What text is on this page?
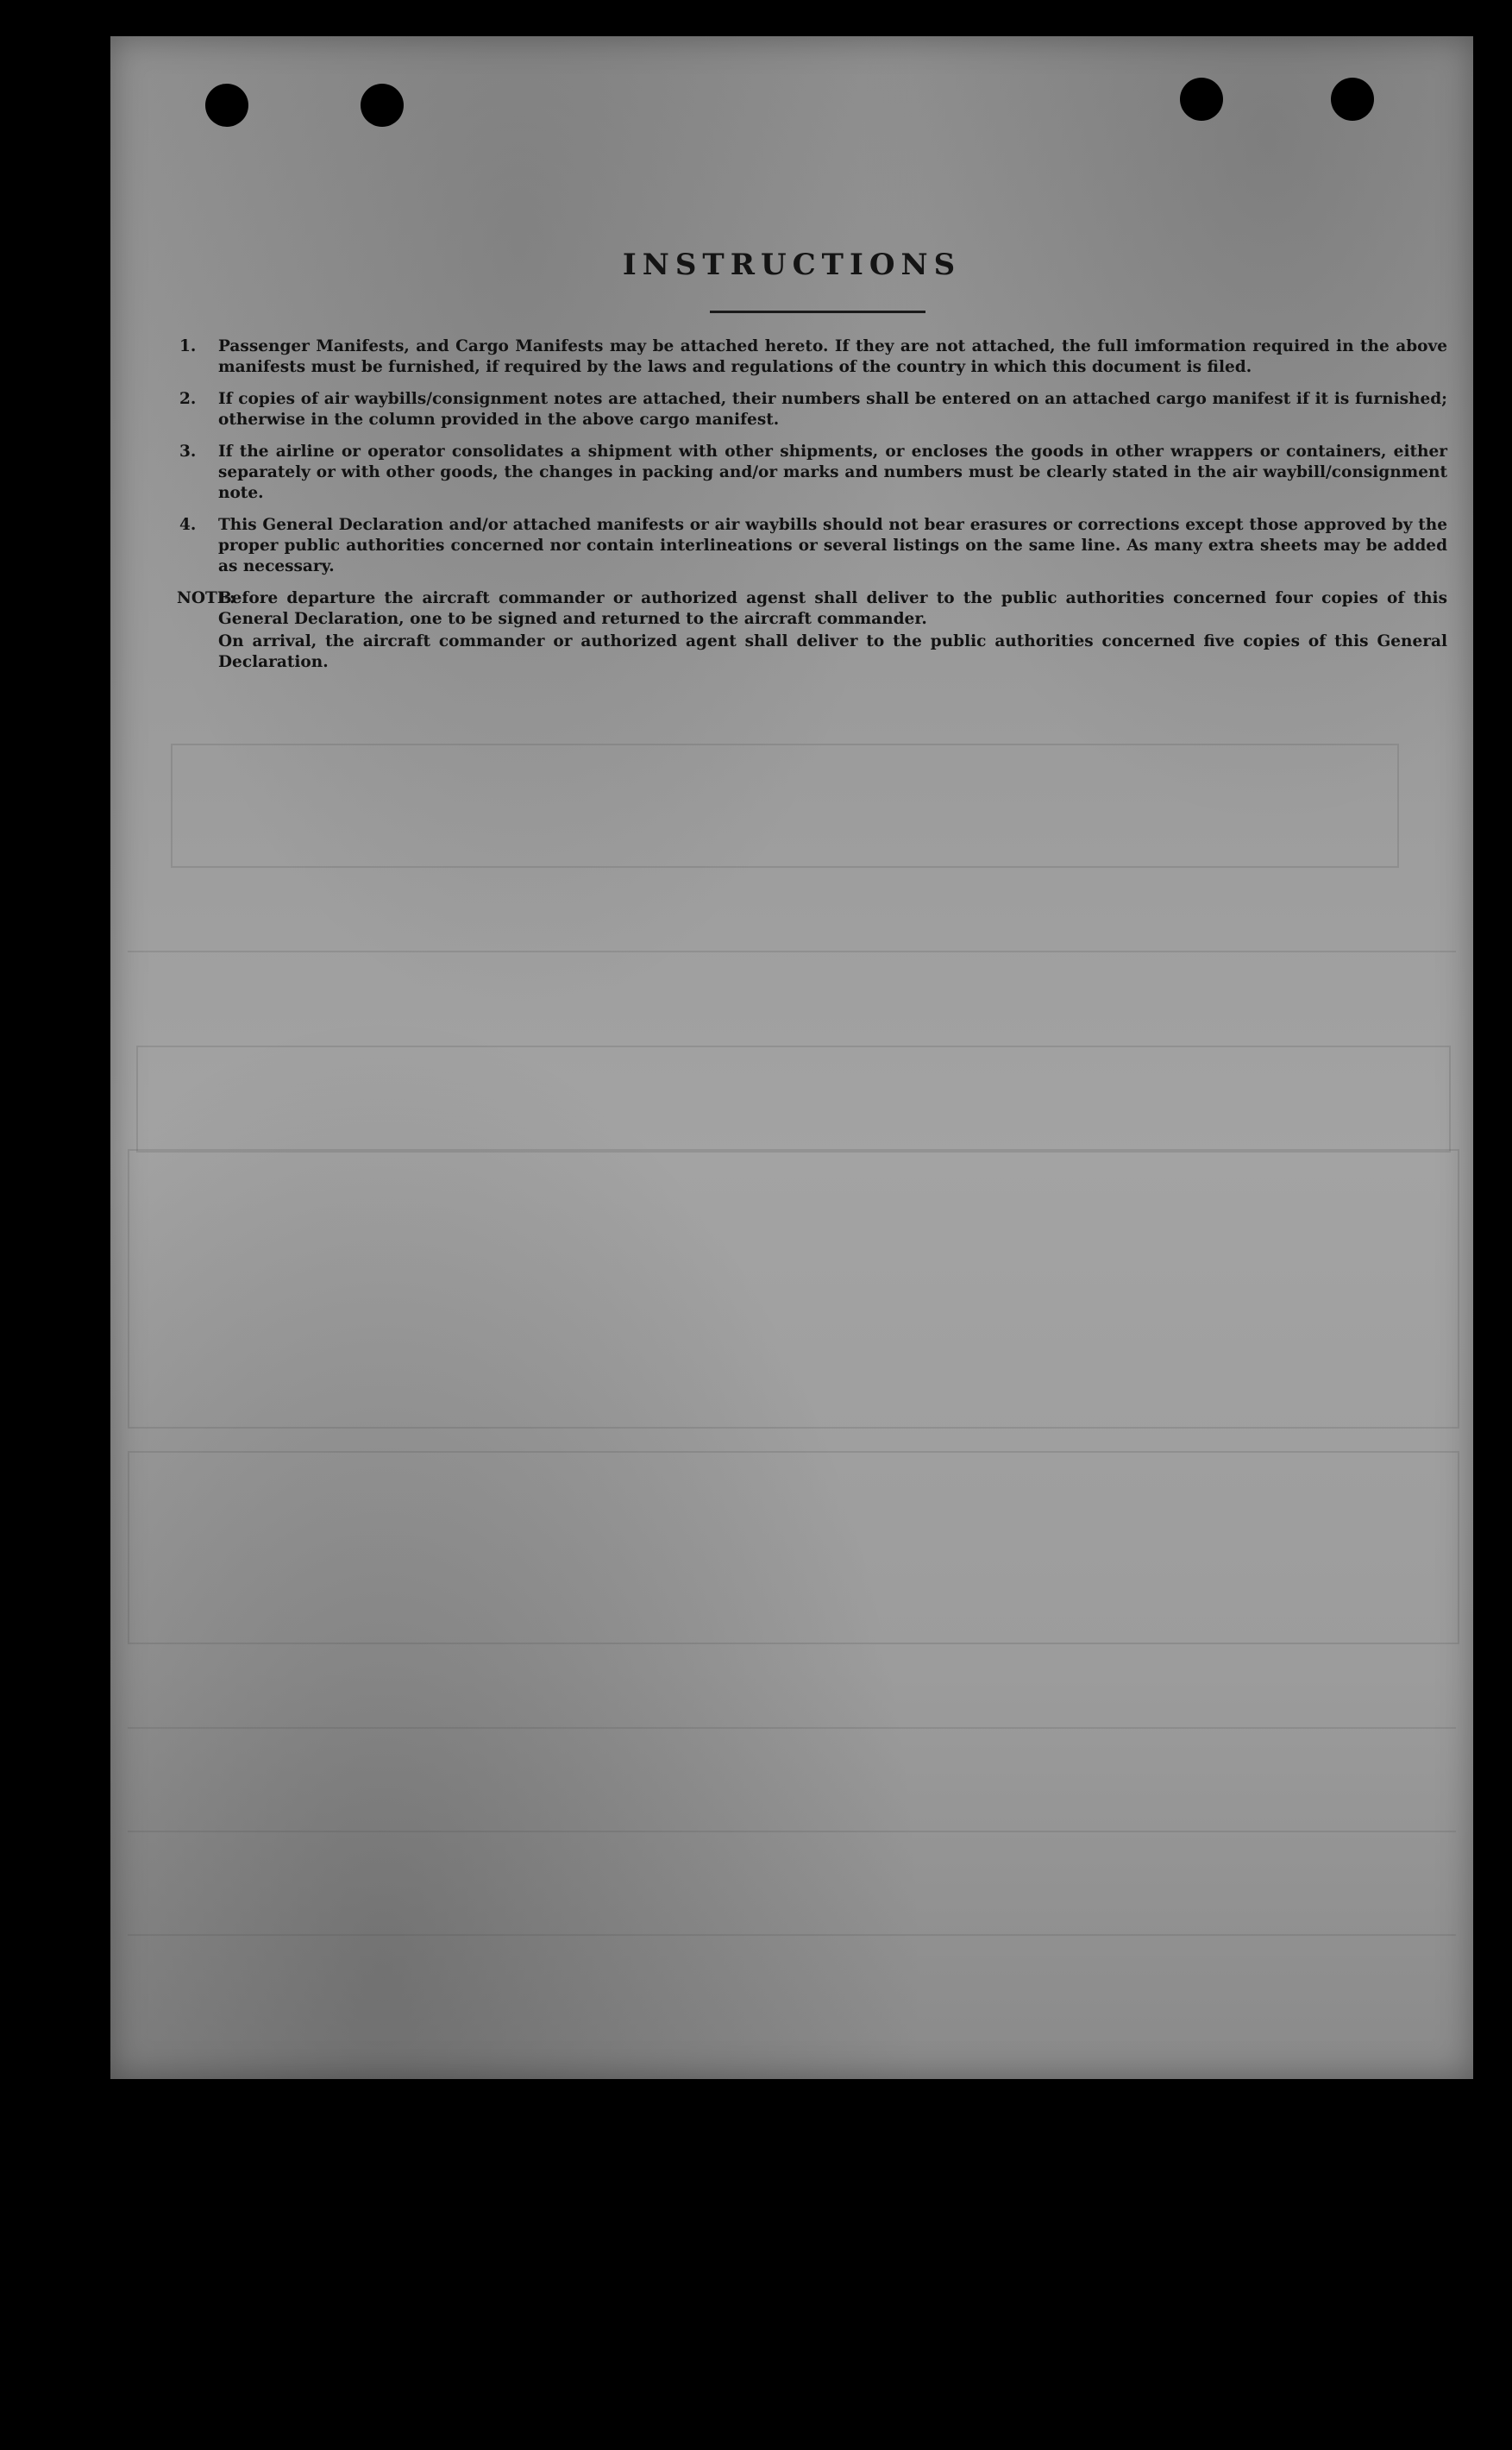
INSTRUCTIONS
1. Passenger Manifests, and Cargo Manifests may be attached hereto. If they are not attached, the full imformation required in the above manifests must be furnished, if required by the laws and regulations of the country in which this document is filed.
2. If copies of air waybills/consignment notes are attached, their numbers shall be entered on an attached cargo manifest if it is furnished; otherwise in the column provided in the above cargo manifest.
3. If the airline or operator consolidates a shipment with other shipments, or encloses the goods in other wrappers or containers, either separately or with other goods, the changes in packing and/or marks and numbers must be clearly stated in the air waybill/consignment note.
4. This General Declaration and/or attached manifests or air waybills should not bear erasures or corrections except those approved by the proper public authorities concerned nor contain interlineations or several listings on the same line. As many extra sheets may be added as necessary.
NOTE:

Before departure the aircraft commander or authorized agenst shall deliver to the public authorities concerned four copies of this General Declaration, one to be signed and returned to the aircraft commander.

On arrival, the aircraft commander or authorized agent shall deliver to the public authorities concerned five copies of this General Declaration.
